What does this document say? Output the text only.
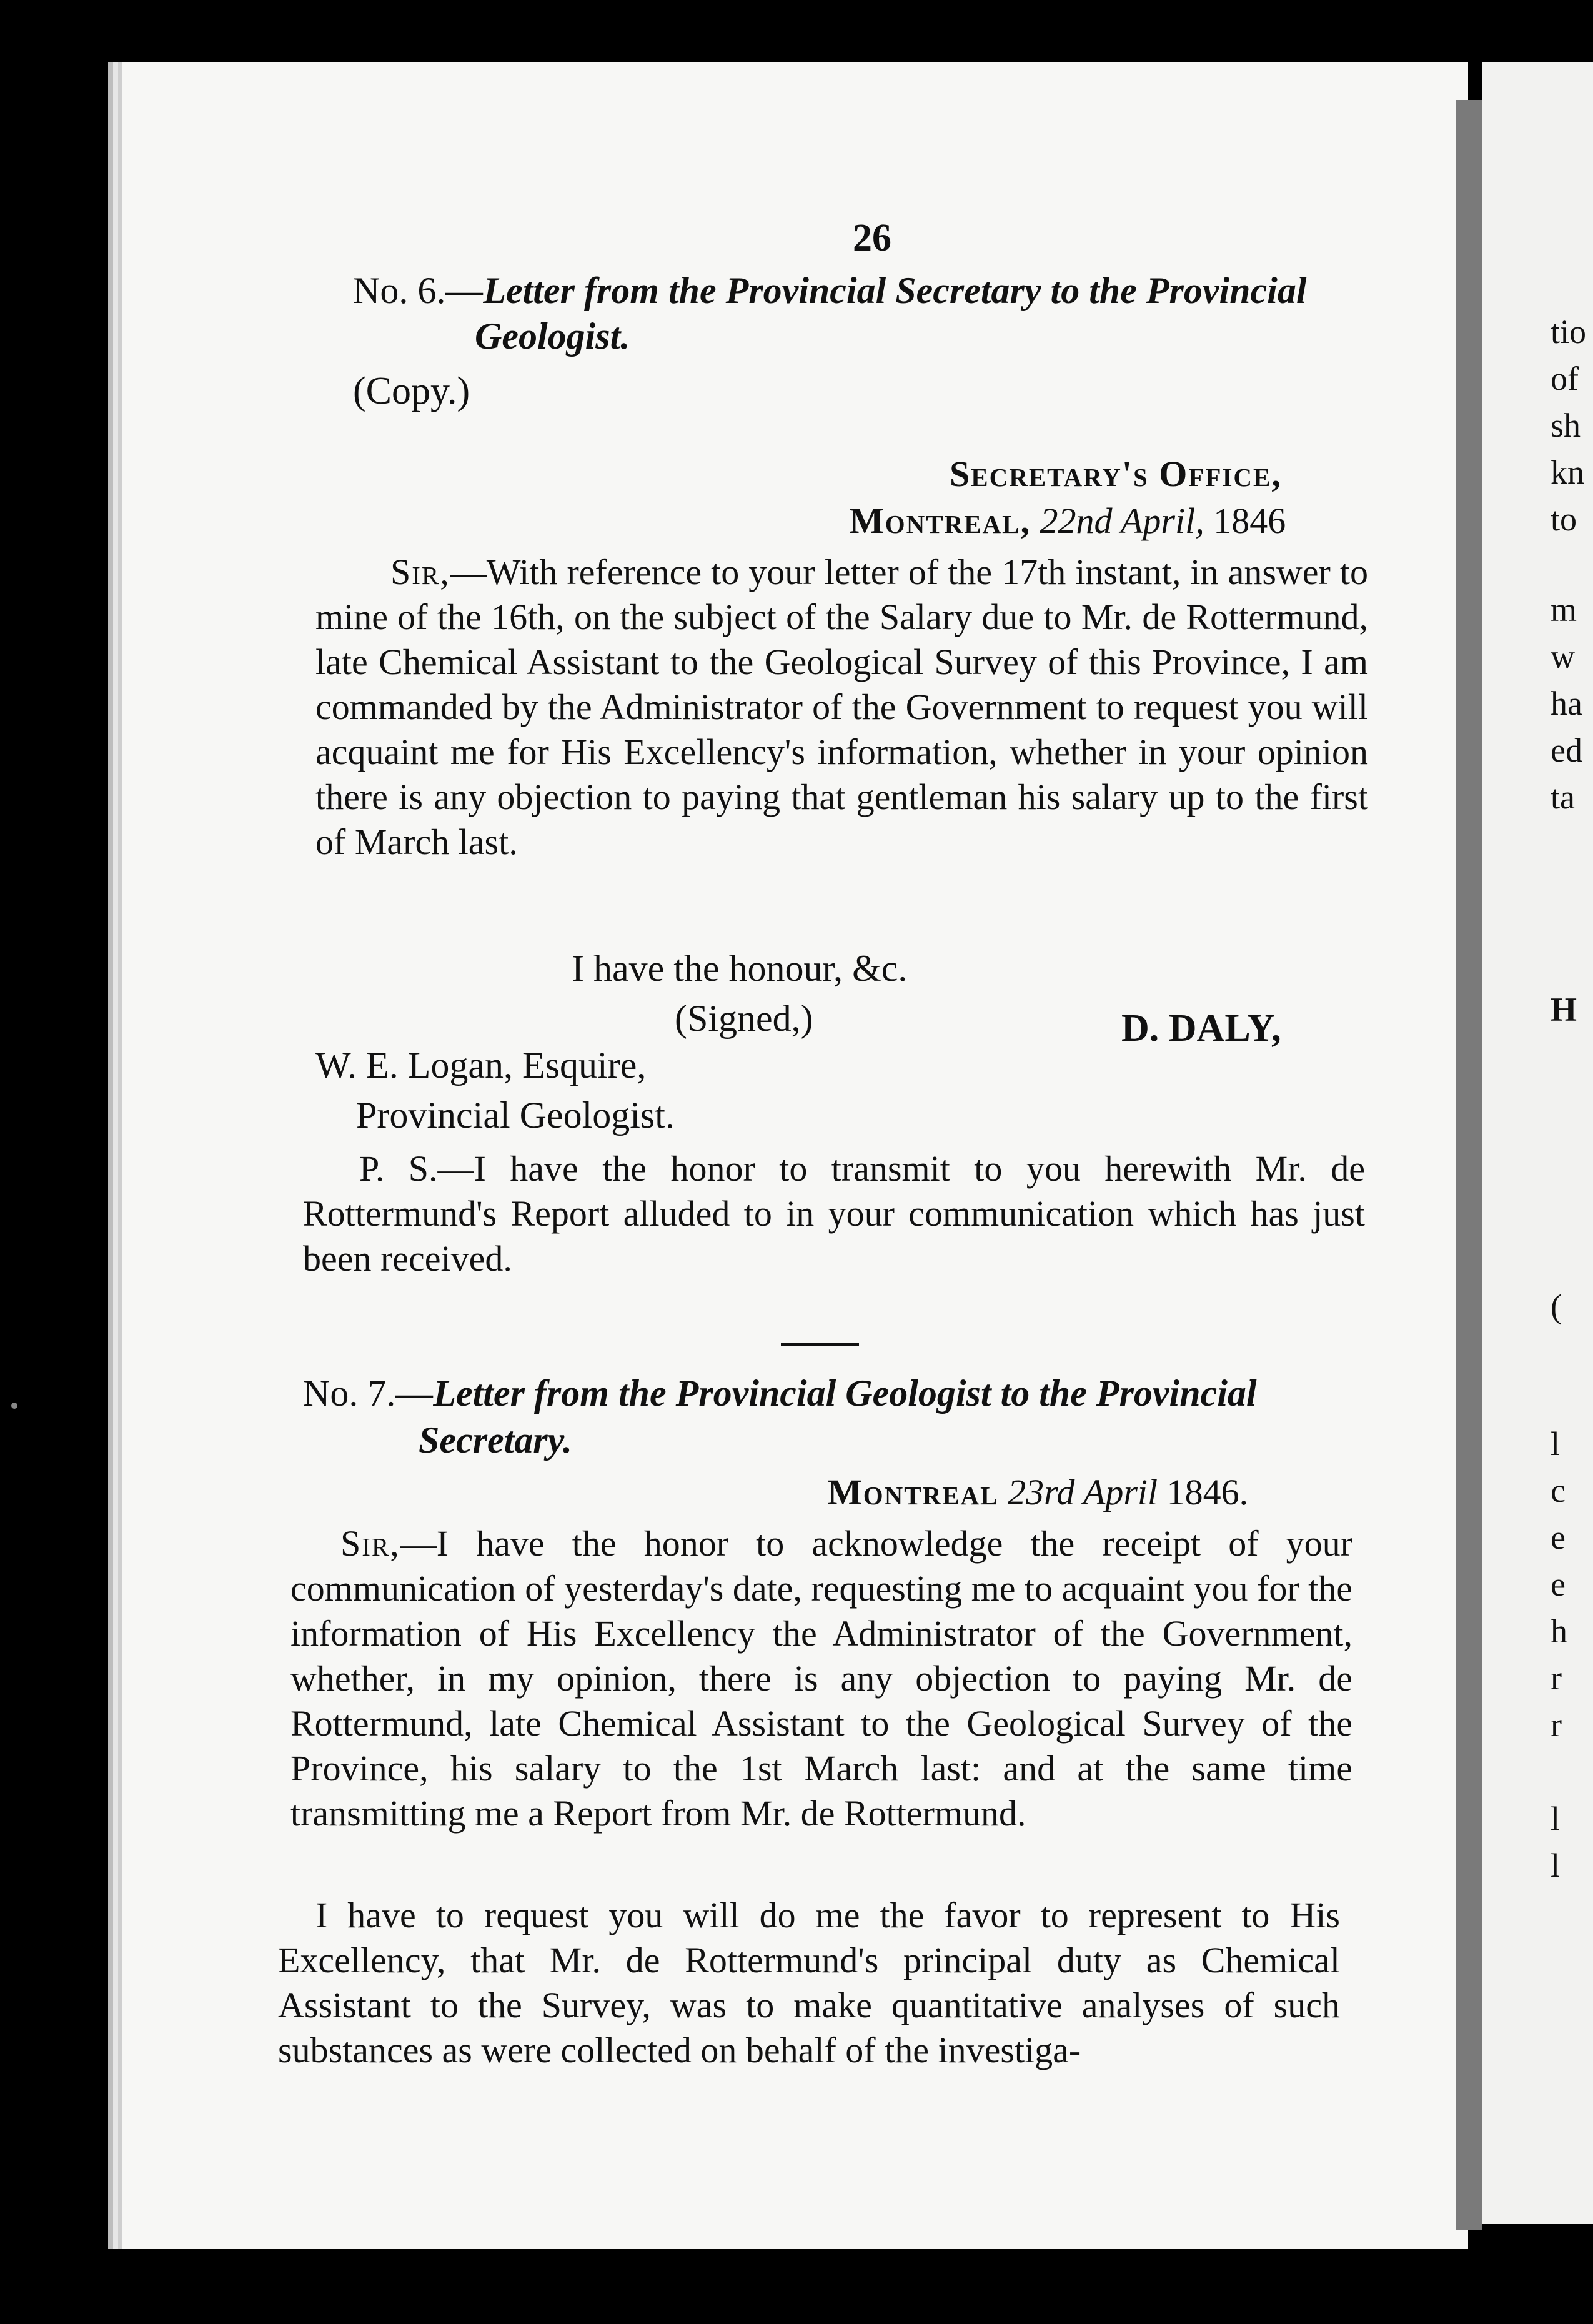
26
No. 6.—Letter from the Provincial Secretary to the Provincial
Geologist.
(Copy.)
Secretary's Office,
Montreal, 22nd April, 1846
Sir,—With reference to your letter of the 17th instant, in answer to mine of the 16th, on the subject of the Salary due to Mr. de Rottermund, late Chemical Assistant to the Geological Survey of this Province, I am commanded by the Administrator of the Government to request you will acquaint me for His Excellency's information, whether in your opinion there is any objection to paying that gentleman his salary up to the first of March last.
I have the honour, &c.
(Signed,)	D. DALY,
W. E. Logan, Esquire,
Provincial Geologist.
P. S.—I have the honor to transmit to you herewith Mr. de Rottermund's Report alluded to in your communication which has just been received.
No. 7.—Letter from the Provincial Geologist to the Provincial
Secretary.
Montreal 23rd April 1846.
Sir,—I have the honor to acknowledge the receipt of your communication of yesterday's date, requesting me to acquaint you for the information of His Excellency the Administrator of the Government, whether, in my opinion, there is any objection to paying Mr. de Rottermund, late Chemical Assistant to the Geological Survey of the Province, his salary to the 1st March last: and at the same time transmitting me a Report from Mr. de Rottermund.
I have to request you will do me the favor to represent to His Excellency, that Mr. de Rottermund's principal duty as Chemical Assistant to the Survey, was to make quantitative analyses of such substances as were collected on behalf of the investiga-
tio
of
sh
kn
to
m
w
ha
ed
ta
H
(
l
c
e
e
h
r
r
l
l
